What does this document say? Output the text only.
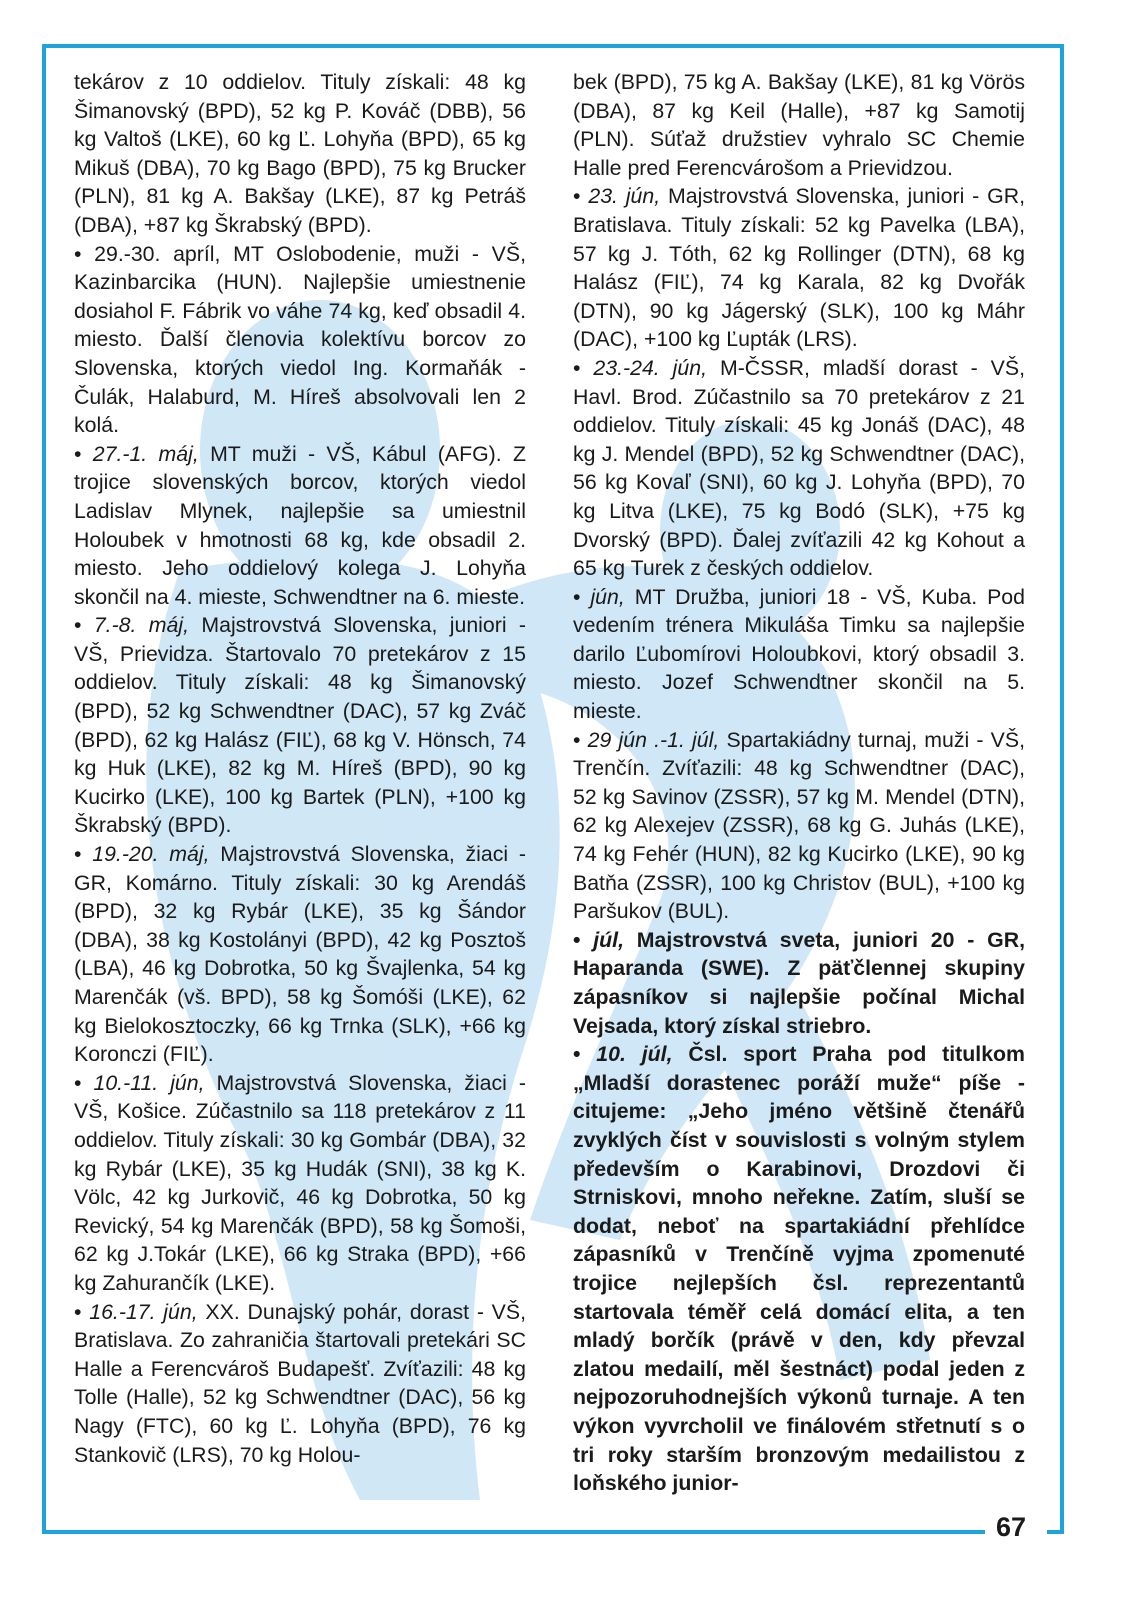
tekárov z 10 oddielov. Tituly získali: 48 kg Šimanovský (BPD), 52 kg P. Kováč (DBB), 56 kg Valtoš (LKE), 60 kg Ľ. Lohyňa (BPD), 65 kg Mikuš (DBA), 70 kg Bago (BPD), 75 kg Brucker (PLN), 81 kg A. Bakšay (LKE), 87 kg Petráš (DBA), +87 kg Škrabský (BPD).

• 29.-30. apríl, MT Oslobodenie, muži - VŠ, Kazinbarcika (HUN). Najlepšie umiestnenie dosiahol F. Fábrik vo váhe 74 kg, keď obsadil 4. miesto. Ďalší členovia kolektívu borcov zo Slovenska, ktorých viedol Ing. Kormaňák - Čulák, Halaburd, M. Híreš absolvovali len 2 kolá.

• 27.-1. máj, MT muži - VŠ, Kábul (AFG). Z trojice slovenských borcov, ktorých viedol Ladislav Mlynek, najlepšie sa umiestnil Holoubek v hmotnosti 68 kg, kde obsadil 2. miesto. Jeho oddielový kolega J. Lohyňa skončil na 4. mieste, Schwendtner na 6. mieste.

• 7.-8. máj, Majstrovstvá Slovenska, juniori - VŠ, Prievidza. Štartovalo 70 pretekárov z 15 oddielov. Tituly získali: 48 kg Šimanovský (BPD), 52 kg Schwendtner (DAC), 57 kg Zváč (BPD), 62 kg Halász (FIĽ), 68 kg V. Hönsch, 74 kg Huk (LKE), 82 kg M. Híreš (BPD), 90 kg Kucirko (LKE), 100 kg Bartek (PLN), +100 kg Škrabský (BPD).

• 19.-20. máj, Majstrovstvá Slovenska, žiaci - GR, Komárno. Tituly získali: 30 kg Arendáš (BPD), 32 kg Rybár (LKE), 35 kg Šándor (DBA), 38 kg Kostolányi (BPD), 42 kg Posztoš (LBA), 46 kg Dobrotka, 50 kg Švajlenka, 54 kg Marenčák (vš. BPD), 58 kg Šomóši (LKE), 62 kg Bielokosztoczky, 66 kg Trnka (SLK), +66 kg Koronczi (FIĽ).

• 10.-11. jún, Majstrovstvá Slovenska, žiaci - VŠ, Košice. Zúčastnilo sa 118 pretekárov z 11 oddielov. Tituly získali: 30 kg Gombár (DBA), 32 kg Rybár (LKE), 35 kg Hudák (SNI), 38 kg K. Völc, 42 kg Jurkovič, 46 kg Dobrotka, 50 kg Revický, 54 kg Marenčák (BPD), 58 kg Šomoši, 62 kg J.Tokár (LKE), 66 kg Straka (BPD), +66 kg Zahurančík (LKE).

• 16.-17. jún, XX. Dunajský pohár, dorast - VŠ, Bratislava. Zo zahraničia štartovali pretekári SC Halle a Ferencvároš Budapešť. Zvíťazili: 48 kg Tolle (Halle), 52 kg Schwendtner (DAC), 56 kg Nagy (FTC), 60 kg Ľ. Lohyňa (BPD), 76 kg Stankovič (LRS), 70 kg Holou-

bek (BPD), 75 kg A. Bakšay (LKE), 81 kg Vörös (DBA), 87 kg Keil (Halle), +87 kg Samotij (PLN). Súťaž družstiev vyhralo SC Chemie Halle pred Ferencvárošom a Prievidzou.

• 23. jún, Majstrovstvá Slovenska, juniori - GR, Bratislava. Tituly získali: 52 kg Pavelka (LBA), 57 kg J. Tóth, 62 kg Rollinger (DTN), 68 kg Halász (FIĽ), 74 kg Karala, 82 kg Dvořák (DTN), 90 kg Jágerský (SLK), 100 kg Máhr (DAC), +100 kg Ľupták (LRS).

• 23.-24. jún, M-ČSSR, mladší dorast - VŠ, Havl. Brod. Zúčastnilo sa 70 pretekárov z 21 oddielov. Tituly získali: 45 kg Jonáš (DAC), 48 kg J. Mendel (BPD), 52 kg Schwendtner (DAC), 56 kg Kovaľ (SNI), 60 kg J. Lohyňa (BPD), 70 kg Litva (LKE), 75 kg Bodó (SLK), +75 kg Dvorský (BPD). Ďalej zvíťazili 42 kg Kohout a 65 kg Turek z českých oddielov.

• jún, MT Družba, juniori 18 - VŠ, Kuba. Pod vedením trénera Mikuláša Timku sa najlepšie darilo Ľubomírovi Holoubkovi, ktorý obsadil 3. miesto. Jozef Schwendtner skončil na 5. mieste.

• 29 jún .-1. júl, Spartakiádny turnaj, muži - VŠ, Trenčín. Zvíťazili: 48 kg Schwendtner (DAC), 52 kg Savinov (ZSSR), 57 kg M. Mendel (DTN), 62 kg Alexejev (ZSSR), 68 kg G. Juhás (LKE), 74 kg Fehér (HUN), 82 kg Kucirko (LKE), 90 kg Batňa (ZSSR), 100 kg Christov (BUL), +100 kg Paršukov (BUL).

• júl, Majstrovstvá sveta, juniori 20 - GR, Haparanda (SWE). Z päťčlennej skupiny zápasníkov si najlepšie počínal Michal Vejsada, ktorý získal striebro.

• 10. júl, Čsl. sport Praha pod titulkom „Mladší dorastenec poráží muže“ píše - citujeme: „Jeho jméno většině čtenářů zvyklých číst v souvislosti s volným stylem především o Karabinovi, Drozdovi či Strniskovi, mnoho neřekne. Zatím, sluší se dodat, neboť na spartakiádní přehlídce zápasníků v Trenčíně vyjma zpomenuté trojice nejlepších čsl. reprezentantů startovala téměř celá domácí elita, a ten mladý borčík (právě v den, kdy převzal zlatou medailí, měl šestnáct) podal jeden z nejpozoruhodnejších výkonů turnaje. A ten výkon vyvrcholil ve finálovém střetnutí s o tri roky starším bronzovým medailistou z loňského junior-

67
